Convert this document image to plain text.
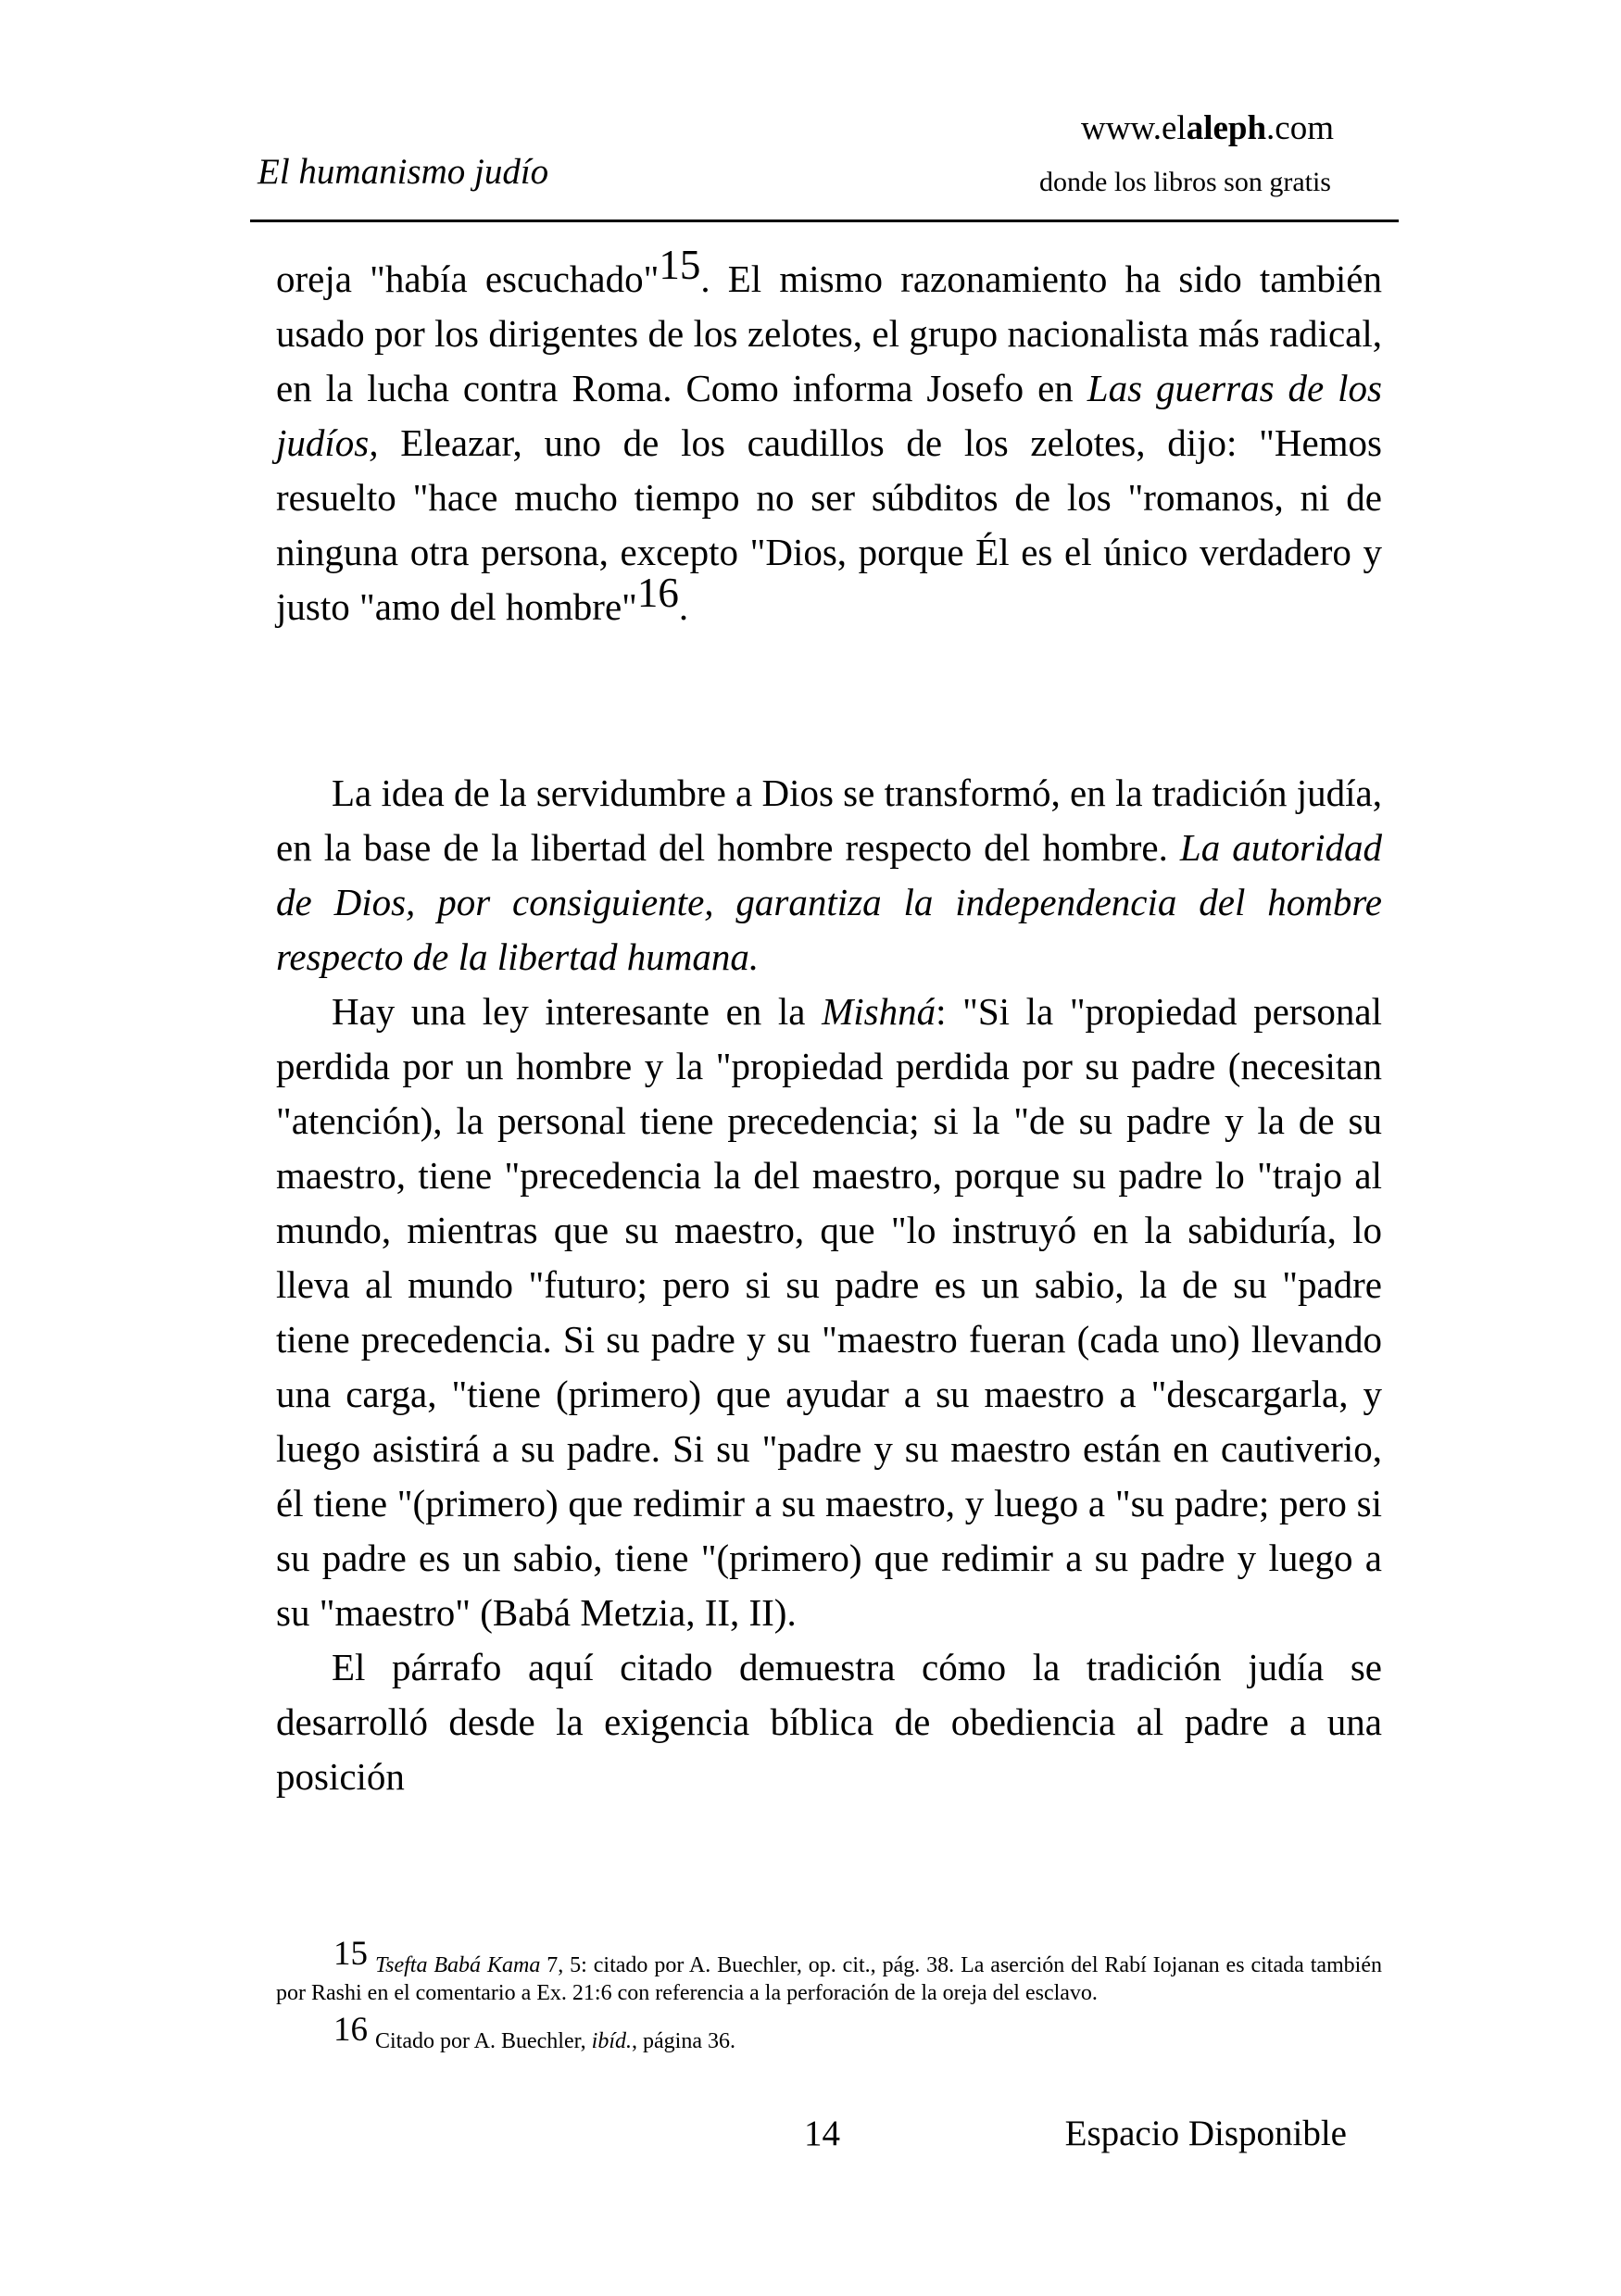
www.elaleph.com
El humanismo judío	donde los libros son gratis

oreja "había escuchado"15. El mismo razonamiento ha sido también usado por los dirigentes de los zelotes, el grupo nacionalista más radical, en la lucha contra Roma. Como informa Josefo en Las guerras de los judíos, Eleazar, uno de los caudillos de los zelotes, dijo: "Hemos resuelto "hace mucho tiempo no ser súbditos de los "romanos, ni de ninguna otra persona, excepto "Dios, porque Él es el único verdadero y justo "amo del hombre"16.

La idea de la servidumbre a Dios se transformó, en la tradición judía, en la base de la libertad del hombre respecto del hombre. La autoridad de Dios, por consiguiente, garantiza la independencia del hombre respecto de la libertad humana.

Hay una ley interesante en la Mishná: "Si la "propiedad personal perdida por un hombre y la "propiedad perdida por su padre (necesitan "atención), la personal tiene precedencia; si la "de su padre y la de su maestro, tiene "precedencia la del maestro, porque su padre lo "trajo al mundo, mientras que su maestro, que "lo instruyó en la sabiduría, lo lleva al mundo "futuro; pero si su padre es un sabio, la de su "padre tiene precedencia. Si su padre y su "maestro fueran (cada uno) llevando una carga, "tiene (primero) que ayudar a su maestro a "descargarla, y luego asistirá a su padre. Si su "padre y su maestro están en cautiverio, él tiene "(primero) que redimir a su maestro, y luego a "su padre; pero si su padre es un sabio, tiene "(primero) que redimir a su padre y luego a su "maestro" (Babá Metzia, II, II).

El párrafo aquí citado demuestra cómo la tradición judía se desarrolló desde la exigencia bíblica de obediencia al padre a una posición

15 Tsefta Babá Kama 7, 5: citado por A. Buechler, op. cit., pág. 38. La aserción del Rabí Iojanan es citada también por Rashi en el comentario a Ex. 21:6 con referencia a la perforación de la oreja del esclavo.

16 Citado por A. Buechler, ibíd., página 36.

14	Espacio Disponible
